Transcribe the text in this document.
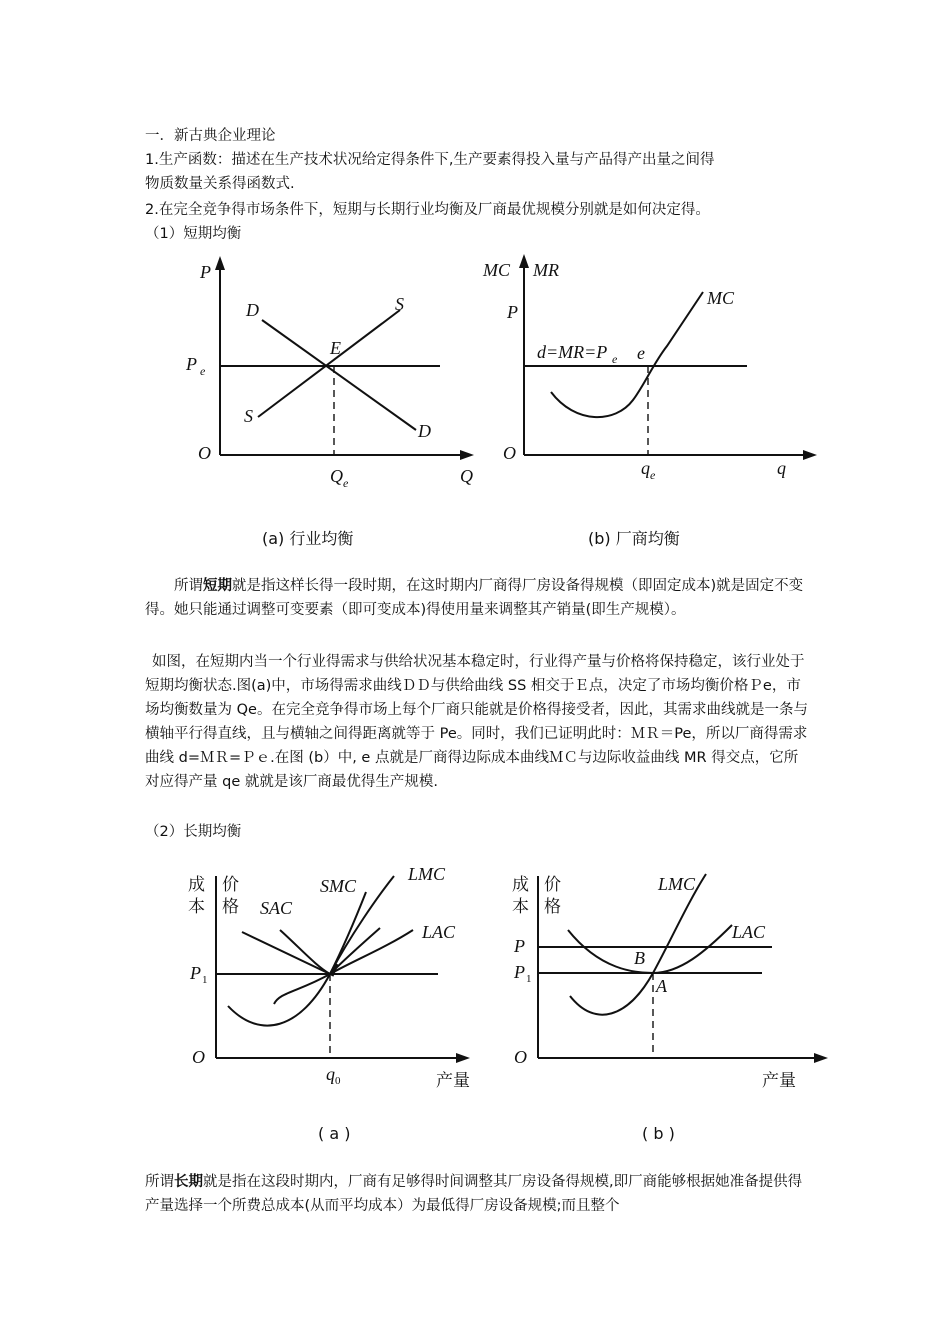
一．新古典企业理论
1.生产函数：描述在生产技术状况给定得条件下,生产要素得投入量与产品得产出量之间得
物质数量关系得函数式.
2.在完全竞争得市场条件下，短期与长期行业均衡及厂商最优规模分别就是如何决定得。
（1）短期均衡
P
P e
O
D	S
E
S
D
Q e	Q
(a) 行业均衡
MC MR
P
MC
d=MR=P e e
O
q e	q
(b) 厂商均衡
所谓短期就是指这样长得一段时期，在这时期内厂商得厂房设备得规模（即固定成本)就是固定不变得。她只能通过调整可变要素（即可变成本)得使用量来调整其产销量(即生产规模）。
如图，在短期内当一个行业得需求与供给状况基本稳定时，行业得产量与价格将保持稳定，该行业处于短期均衡状态.图(a)中，市场得需求曲线ＤＤ与供给曲线 SS 相交于Ｅ点，决定了市场均衡价格Ｐe，市场均衡数量为 Qe。在完全竞争得市场上每个厂商只能就是价格得接受者，因此，其需求曲线就是一条与横轴平行得直线，且与横轴之间得距离就等于 Pe。同时，我们已证明此时：ＭＲ＝Pe，所以厂商得需求曲线 d=ＭＲ=Ｐｅ.在图 (b）中, e 点就是厂商得边际成本曲线ＭＣ与边际收益曲线 MR 得交点，它所对应得产量 qe 就就是该厂商最优得生产规模.
（2）长期均衡
成
本
价
格 SAC
SMC
LMC
LAC
P 1
O
q 0	产量
( a )
成
本
价
格
LMC
LAC
P
P 1
B
A
O
产量
( b )
所谓长期就是指在这段时期内，厂商有足够得时间调整其厂房设备得规模,即厂商能够根据她准备提供得产量选择一个所费总成本(从而平均成本）为最低得厂房设备规模;而且整个
